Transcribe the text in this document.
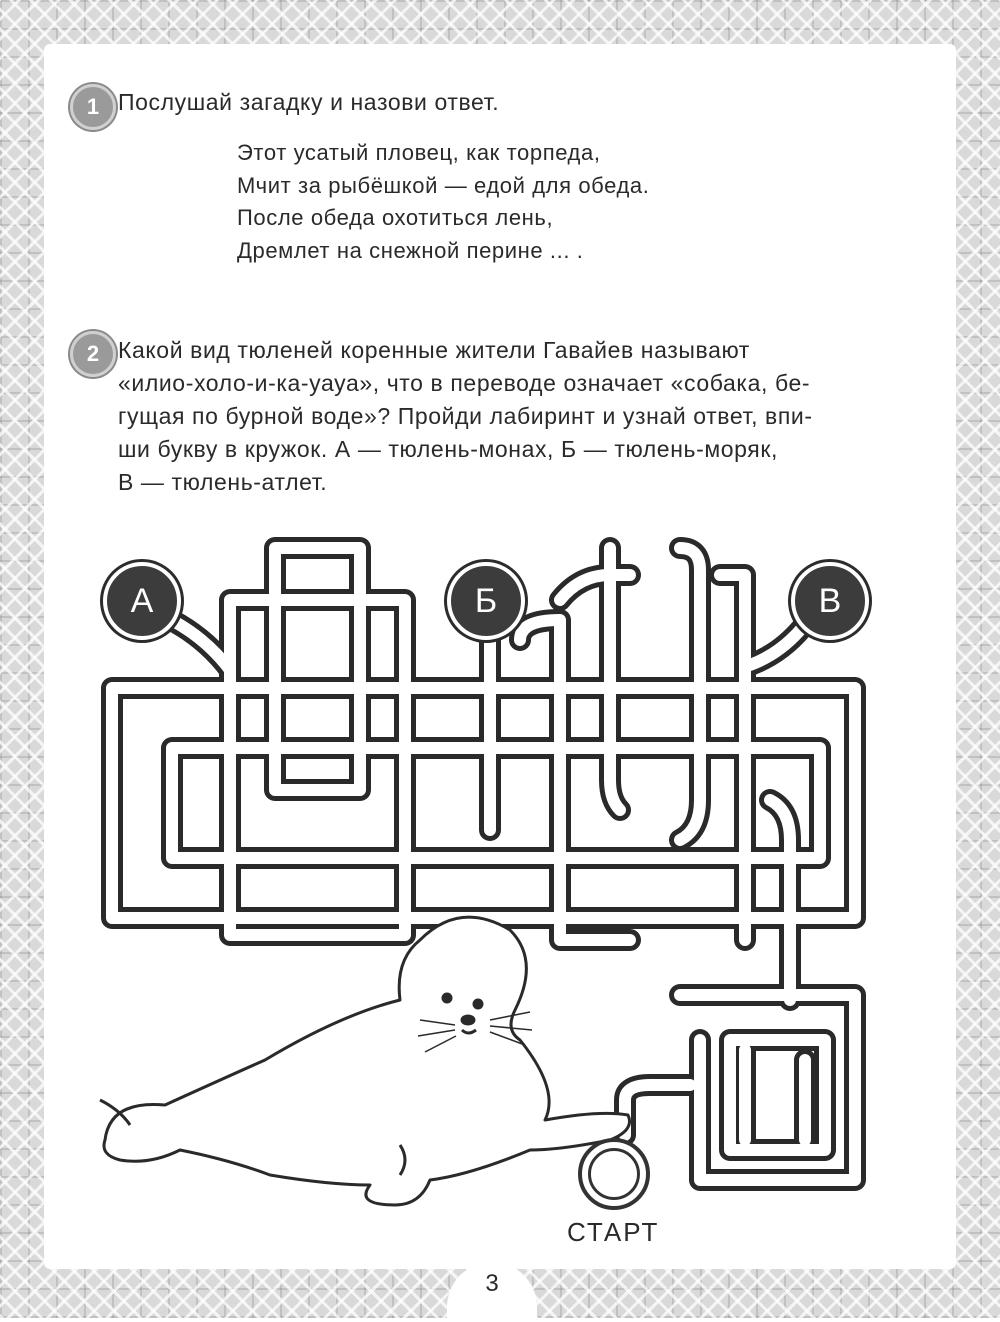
1 Послушай загадку и назови ответ.
Этот усатый пловец, как торпеда,
Мчит за рыбёшкой — едой для обеда.
После обеда охотиться лень,
Дремлет на снежной перине ... .
2 Какой вид тюленей коренные жители Гавайев называют
«илио-холо-и-ка-уауа», что в переводе означает «собака, бе-
гущая по бурной воде»? Пройди лабиринт и узнай ответ, впи-
ши букву в кружок. А — тюлень-монах, Б — тюлень-моряк,
В — тюлень-атлет.
А	Б	В
СТАРТ
3
